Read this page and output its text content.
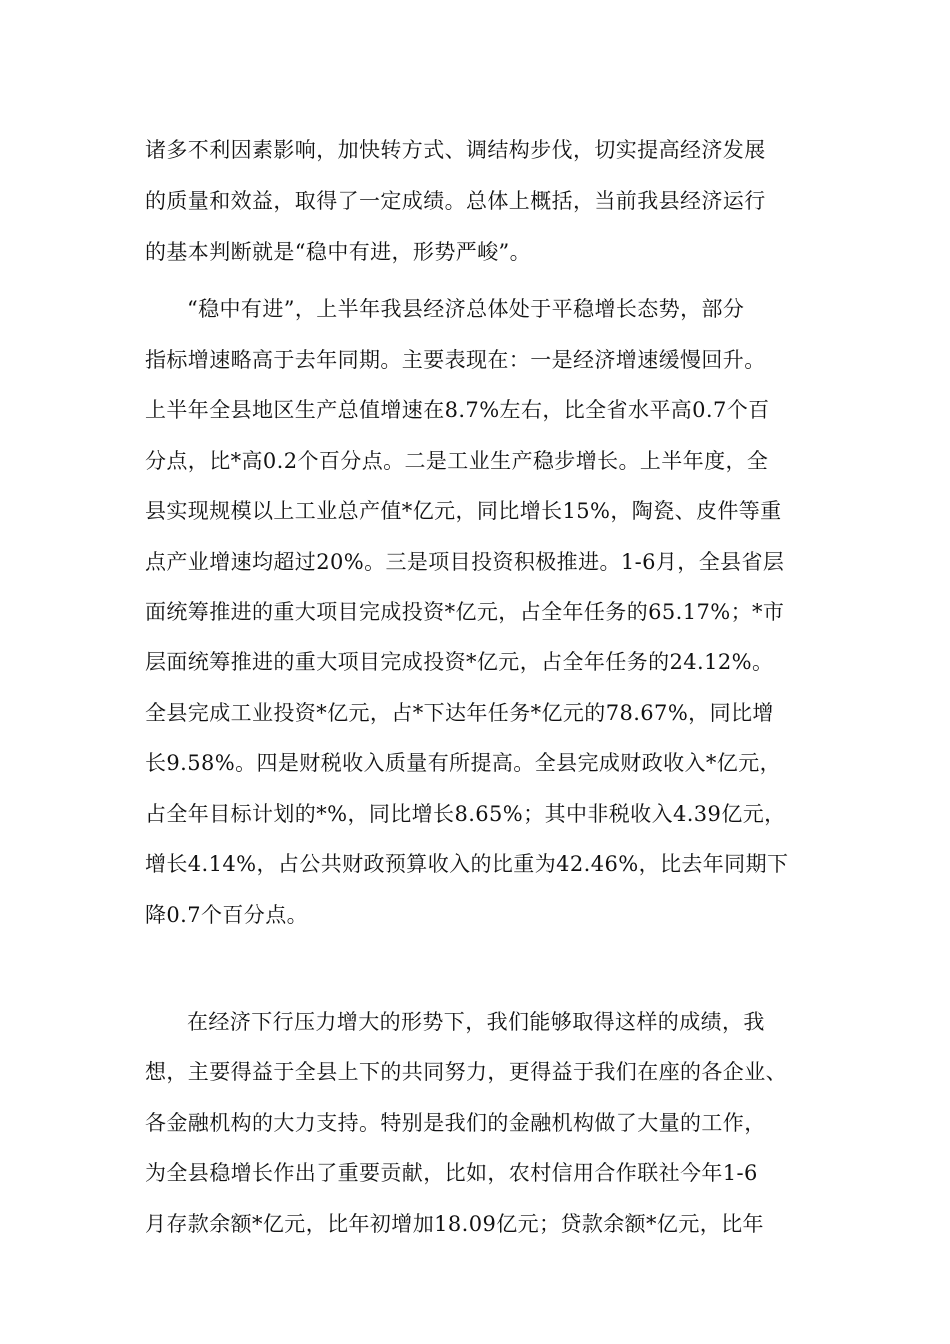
诸多不利因素影响，加快转方式、调结构步伐，切实提高经济发展
的质量和效益，取得了一定成绩。总体上概括，当前我县经济运行
的基本判断就是“稳中有进，形势严峻”。
“稳中有进”，上半年我县经济总体处于平稳增长态势，部分
指标增速略高于去年同期。主要表现在：一是经济增速缓慢回升。
上半年全县地区生产总值增速在8.7%左右，比全省水平高0.7个百
分点，比*高0.2个百分点。二是工业生产稳步增长。上半年度，全
县实现规模以上工业总产值*亿元，同比增长15%，陶瓷、皮件等重
点产业增速均超过20%。三是项目投资积极推进。1-6月，全县省层
面统筹推进的重大项目完成投资*亿元，占全年任务的65.17%；*市
层面统筹推进的重大项目完成投资*亿元，占全年任务的24.12%。
全县完成工业投资*亿元，占*下达年任务*亿元的78.67%，同比增
长9.58%。四是财税收入质量有所提高。全县完成财政收入*亿元，
占全年目标计划的*%，同比增长8.65%；其中非税收入4.39亿元，
增长4.14%，占公共财政预算收入的比重为42.46%，比去年同期下
降0.7个百分点。
在经济下行压力增大的形势下，我们能够取得这样的成绩，我
想，主要得益于全县上下的共同努力，更得益于我们在座的各企业、
各金融机构的大力支持。特别是我们的金融机构做了大量的工作，
为全县稳增长作出了重要贡献，比如，农村信用合作联社今年1-6
月存款余额*亿元，比年初增加18.09亿元；贷款余额*亿元，比年
